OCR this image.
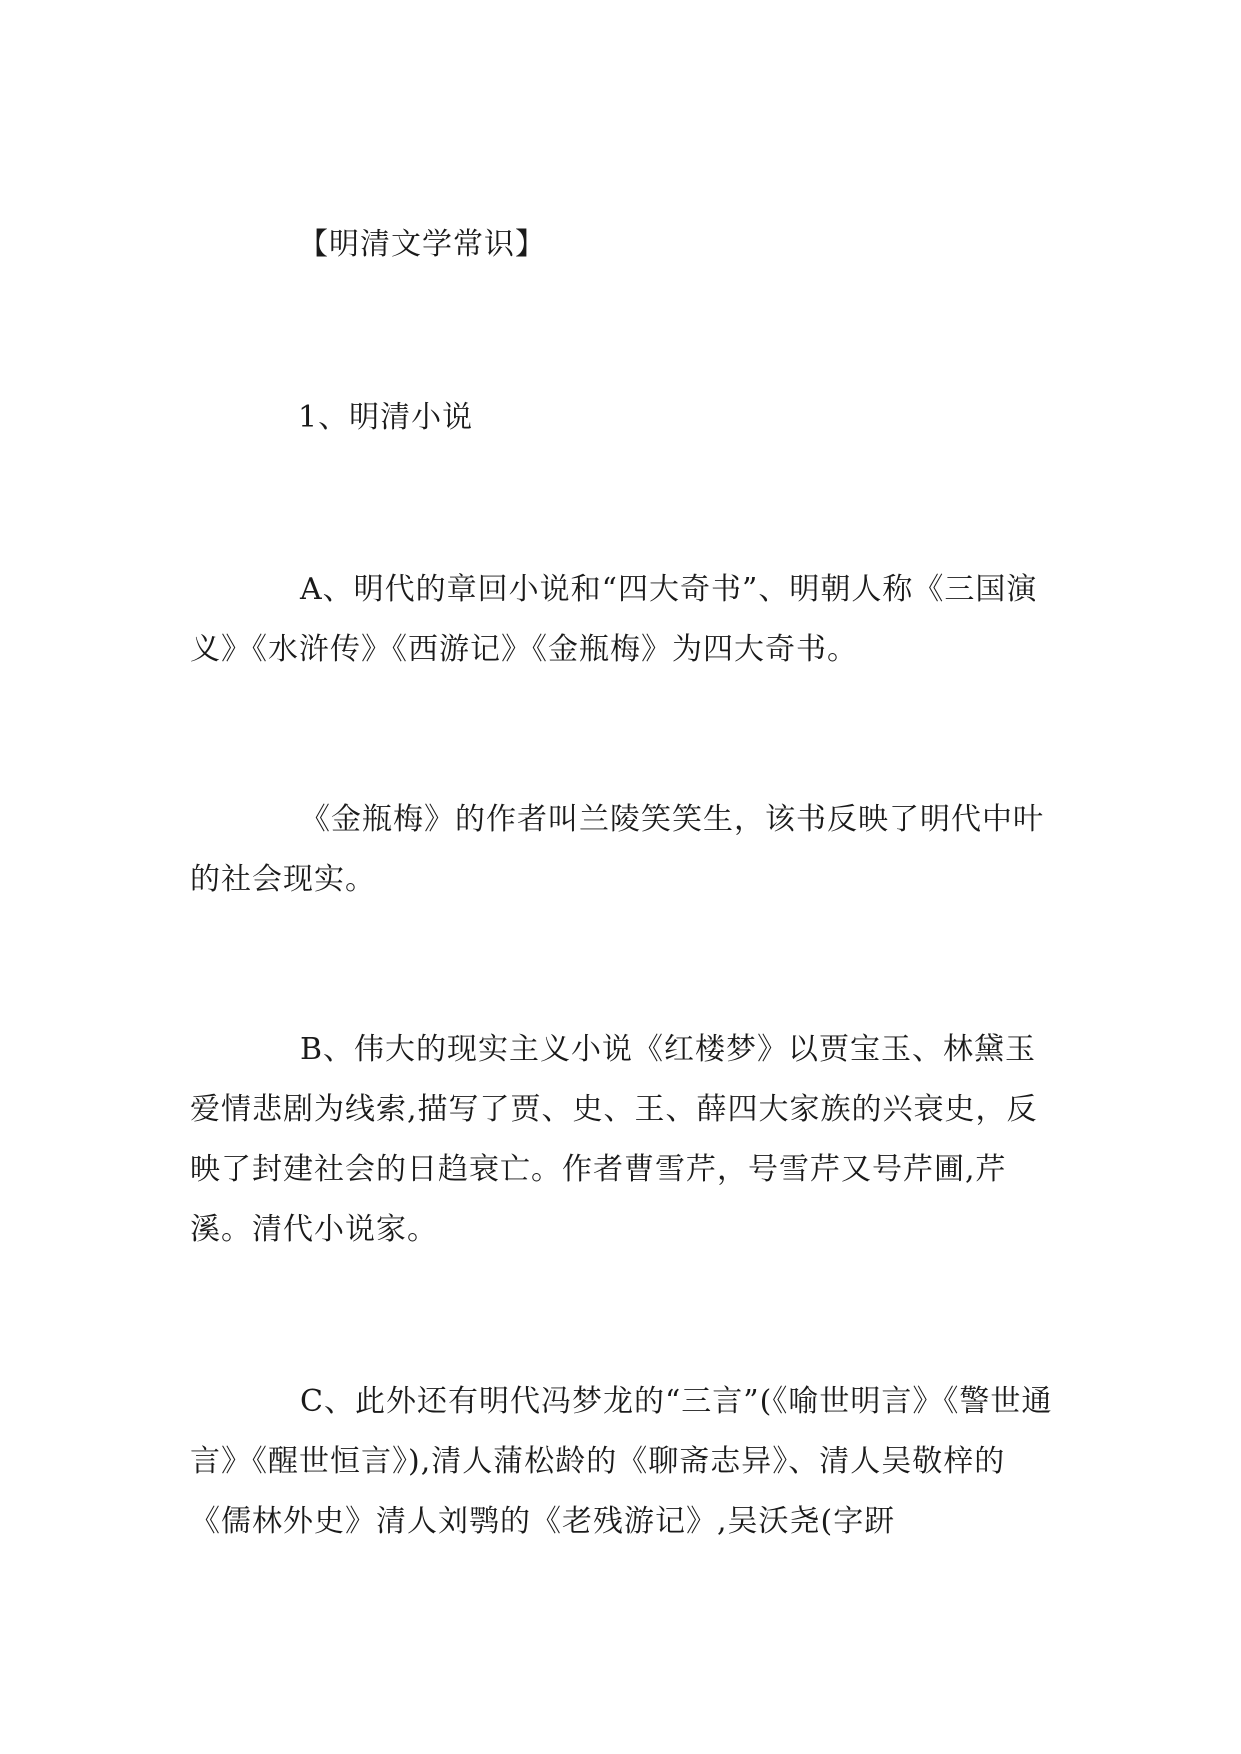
【明清文学常识】
1、明清小说
A、明代的章回小说和“四大奇书”、明朝人称《三国演义》《水浒传》《西游记》《金瓶梅》为四大奇书。
《金瓶梅》的作者叫兰陵笑笑生，该书反映了明代中叶的社会现实。
B、伟大的现实主义小说《红楼梦》以贾宝玉、林黛玉爱情悲剧为线索,描写了贾、史、王、薛四大家族的兴衰史，反映了封建社会的日趋衰亡。作者曹雪芹，号雪芹又号芹圃,芹溪。清代小说家。
C、此外还有明代冯梦龙的“三言”(《喻世明言》《警世通言》《醒世恒言》),清人蒲松龄的《聊斋志异》、清人吴敬梓的《儒林外史》清人刘鹗的《老残游记》,吴沃尧(字趼
